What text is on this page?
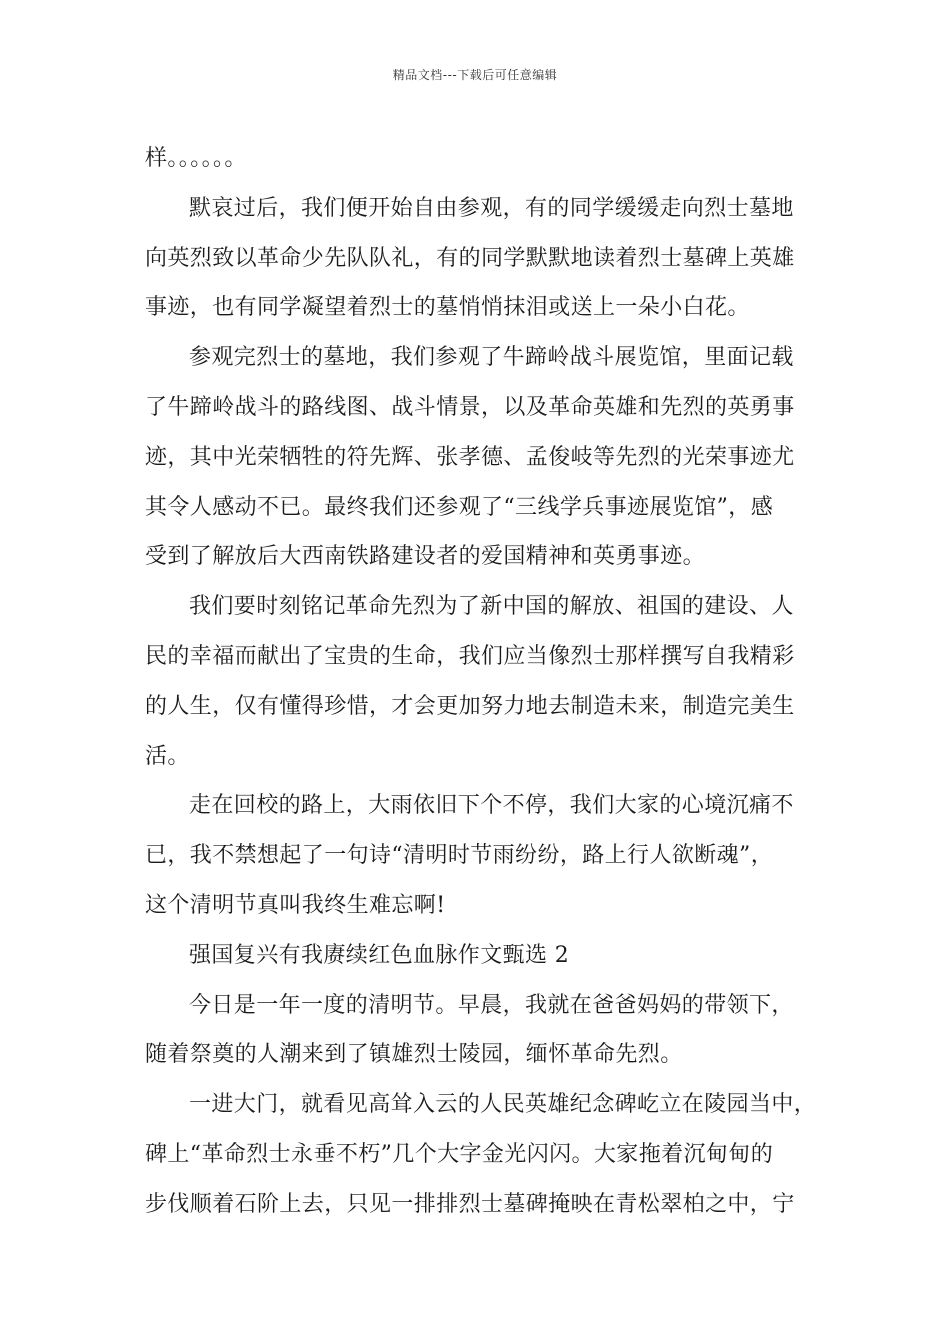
精品文档---下载后可任意编辑

样。。。。。。

默哀过后，我们便开始自由参观，有的同学缓缓走向烈士墓地
向英烈致以革命少先队队礼，有的同学默默地读着烈士墓碑上英雄
事迹，也有同学凝望着烈士的墓悄悄抹泪或送上一朵小白花。

参观完烈士的墓地，我们参观了牛蹄岭战斗展览馆，里面记载
了牛蹄岭战斗的路线图、战斗情景，以及革命英雄和先烈的英勇事
迹，其中光荣牺牲的符先辉、张孝德、孟俊岐等先烈的光荣事迹尤
其令人感动不已。最终我们还参观了“三线学兵事迹展览馆”，感
受到了解放后大西南铁路建设者的爱国精神和英勇事迹。

我们要时刻铭记革命先烈为了新中国的解放、祖国的建设、人
民的幸福而献出了宝贵的生命，我们应当像烈士那样撰写自我精彩
的人生，仅有懂得珍惜，才会更加努力地去制造未来，制造完美生
活。

走在回校的路上，大雨依旧下个不停，我们大家的心境沉痛不
已，我不禁想起了一句诗“清明时节雨纷纷，路上行人欲断魂”，
这个清明节真叫我终生难忘啊!

强国复兴有我赓续红色血脉作文甄选 2

今日是一年一度的清明节。早晨，我就在爸爸妈妈的带领下，
随着祭奠的人潮来到了镇雄烈士陵园，缅怀革命先烈。

一进大门，就看见高耸入云的人民英雄纪念碑屹立在陵园当中，
碑上“革命烈士永垂不朽”几个大字金光闪闪。大家拖着沉甸甸的
步伐顺着石阶上去，只见一排排烈士墓碑掩映在青松翠柏之中，宁
